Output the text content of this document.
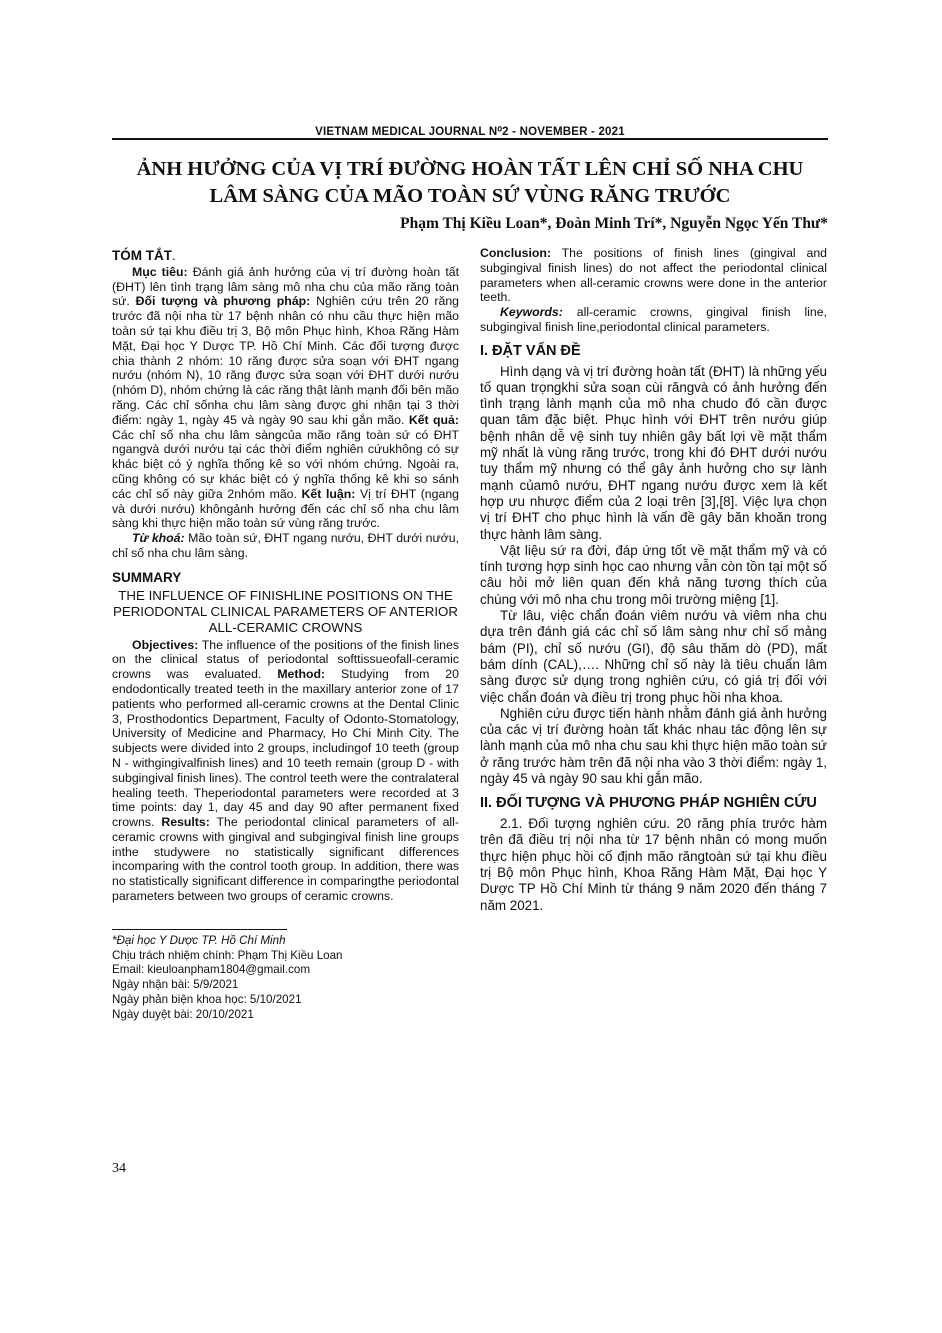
VIETNAM MEDICAL JOURNAL N⁰2 - NOVEMBER - 2021
ẢNH HƯỞNG CỦA VỊ TRÍ ĐƯỜNG HOÀN TẤT LÊN CHỈ SỐ NHA CHU
LÂM SÀNG CỦA MÃO TOÀN SỨ VÙNG RĂNG TRƯỚC
Phạm Thị Kiều Loan*, Đoàn Minh Trí*, Nguyễn Ngọc Yến Thư*

TÓM TẮT.

Mục tiêu: Đánh giá ảnh hưởng của vị trí đường hoàn tất (ĐHT) lên tình trạng lâm sàng mô nha chu của mão răng toàn sứ. Đối tượng và phương pháp: Nghiên cứu trên 20 răng trước đã nội nha từ 17 bệnh nhân có nhu cầu thực hiện mão toàn sứ tại khu điều trị 3, Bộ môn Phục hình, Khoa Răng Hàm Mặt, Đại học Y Dược TP. Hồ Chí Minh. Các đối tượng được chia thành 2 nhóm: 10 răng được sửa soạn với ĐHT ngang nướu (nhóm N), 10 răng được sửa soạn với ĐHT dưới nướu (nhóm D), nhóm chứng là các răng thật lành mạnh đối bên mão răng. Các chỉ sốnha chu lâm sàng được ghi nhận tại 3 thời điểm: ngày 1, ngày 45 và ngày 90 sau khi gắn mão. Kết quả: Các chỉ số nha chu lâm sàngcủa mão răng toàn sứ có ĐHT ngangvà dưới nướu tại các thời điểm nghiên cứukhông có sự khác biệt có ý nghĩa thống kê so với nhóm chứng. Ngoài ra, cũng không có sự khác biệt có ý nghĩa thống kê khi so sánh các chỉ số này giữa 2nhóm mão. Kết luận: Vị trí ĐHT (ngang và dưới nướu) khôngảnh hưởng đến các chỉ số nha chu lâm sàng khi thực hiện mão toàn sứ vùng răng trước.

Từ khoá: Mão toàn sứ, ĐHT ngang nướu, ĐHT dưới nướu, chỉ số nha chu lâm sàng.

SUMMARY

THE INFLUENCE OF FINISHLINE POSITIONS ON THE PERIODONTAL CLINICAL PARAMETERS OF ANTERIOR ALL-CERAMIC CROWNS

Objectives: The influence of the positions of the finish lines on the clinical status of periodontal softtissueofall-ceramic crowns was evaluated. Method: Studying from 20 endodontically treated teeth in the maxillary anterior zone of 17 patients who performed all-ceramic crowns at the Dental Clinic 3, Prosthodontics Department, Faculty of Odonto-Stomatology, University of Medicine and Pharmacy, Ho Chi Minh City. The subjects were divided into 2 groups, includingof 10 teeth (group N - withgingivalfinish lines) and 10 teeth remain (group D - with subgingival finish lines). The control teeth were the contralateral healing teeth. Theperiodontal parameters were recorded at 3 time points: day 1, day 45 and day 90 after permanent fixed crowns. Results: The periodontal clinical parameters of all-ceramic crowns with gingival and subgingival finish line groups inthe studywere no statistically significant differences incomparing with the control tooth group. In addition, there was no statistically significant difference in comparingthe periodontal parameters between two groups of ceramic crowns.

*Đại học Y Dược TP. Hồ Chí Minh

Chịu trách nhiệm chính: Phạm Thị Kiều Loan

Email: kieuloanpham1804@gmail.com

Ngày nhận bài: 5/9/2021

Ngày phản biện khoa học: 5/10/2021

Ngày duyệt bài: 20/10/2021

Conclusion: The positions of finish lines (gingival and subgingival finish lines) do not affect the periodontal clinical parameters when all-ceramic crowns were done in the anterior teeth.

Keywords: all-ceramic crowns, gingival finish line, subgingival finish line,periodontal clinical parameters.

I. ĐẶT VẤN ĐỀ

Hình dạng và vị trí đường hoàn tất (ĐHT) là những yếu tố quan trọngkhi sửa soạn cùi răngvà có ảnh hưởng đến tình trạng lành mạnh của mô nha chudo đó cần được quan tâm đặc biệt. Phục hình với ĐHT trên nướu giúp bệnh nhân dễ vệ sinh tuy nhiên gây bất lợi về mặt thẩm mỹ nhất là vùng răng trước, trong khi đó ĐHT dưới nướu tuy thẩm mỹ nhưng có thể gây ảnh hưởng cho sự lành mạnh củamô nướu, ĐHT ngang nướu được xem là kết hợp ưu nhược điểm của 2 loại trên [3],[8]. Việc lựa chọn vị trí ĐHT cho phục hình là vấn đề gây băn khoăn trong thực hành lâm sàng.

Vật liệu sứ ra đời, đáp ứng tốt về mặt thẩm mỹ và có tính tương hợp sinh học cao nhưng vẫn còn tồn tại một số câu hỏi mở liên quan đến khả năng tương thích của chúng với mô nha chu trong môi trường miệng [1].

Từ lâu, việc chẩn đoán viêm nướu và viêm nha chu dựa trên đánh giá các chỉ số lâm sàng như chỉ số mảng bám (PI), chỉ số nướu (GI), độ sâu thăm dò (PD), mất bám dính (CAL),…. Những chỉ số này là tiêu chuẩn lâm sàng được sử dụng trong nghiên cứu, có giá trị đối với việc chẩn đoán và điều trị trong phục hồi nha khoa.

Nghiên cứu được tiến hành nhằm đánh giá ảnh hưởng của các vị trí đường hoàn tất khác nhau tác động lên sự lành mạnh của mô nha chu sau khi thực hiện mão toàn sứ ở răng trước hàm trên đã nội nha vào 3 thời điểm: ngày 1, ngày 45 và ngày 90 sau khi gắn mão.

II. ĐỐI TƯỢNG VÀ PHƯƠNG PHÁP NGHIÊN CỨU

2.1. Đối tượng nghiên cứu. 20 răng phía trước hàm trên đã điều trị nội nha từ 17 bệnh nhân có mong muốn thực hiện phục hồi cố định mão răngtoàn sứ tại khu điều trị Bộ môn Phục hình, Khoa Răng Hàm Mặt, Đại học Y Dược TP Hồ Chí Minh từ tháng 9 năm 2020 đến tháng 7 năm 2021.

34
